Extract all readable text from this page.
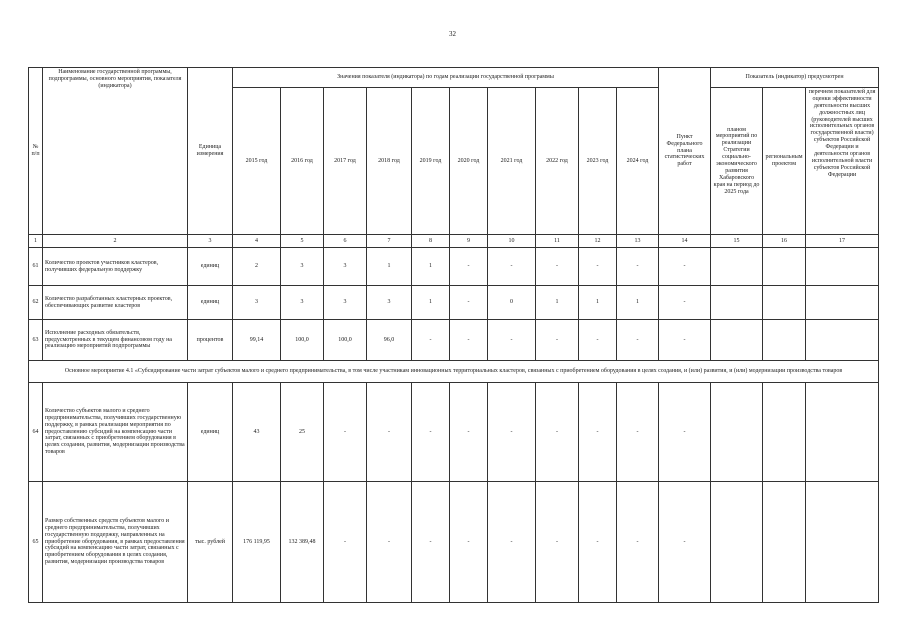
32
№ п/п	Наименование государственной программы, подпрограммы, основного мероприятия, показателя (индикатора)	Единица измерения	Значения показателя (индикатора) по годам реализации государственной программы										Пункт Федерального плана статистических работ	Показатель (индикатор) предусмотрен		
			2015 год	2016 год	2017 год	2018 год	2019 год	2020 год	2021 год	2022 год	2023 год	2024 год		планом мероприятий по реализации Стратегии социально-экономического развития Хабаровского края на период до 2025 года	региональным проектом	перечнем показателей для оценки эффективности деятельности высших должностных лиц (руководителей высших исполнительных органов государственной власти) субъектов Российской Федерации и деятельности органов исполнительной власти субъектов Российской Федерации
1	2	3	4	5	6	7	8	9	10	11	12	13	14	15	16	17
61	Количество проектов участников кластеров, получивших федеральную поддержку	единиц	2	3	3	1	1	-	-	-	-	-	-			
62	Количество разработанных кластерных проектов, обеспечивающих развитие кластеров	единиц	3	3	3	3	1	-	0	1	1	1	-			
63	Исполнение расходных обязательств, предусмотренных в текущем финансовом году на реализацию мероприятий подпрограммы	процентов	99,14	100,0	100,0	96,0	-	-	-	-	-	-	-			
Основное мероприятие 4.1 «Субсидирование части затрат субъектов малого и среднего предпринимательства, в том числе участникам инновационных территориальных кластеров, связанных с приобретением оборудования в целях создания, и (или) развития, и (или) модернизации производства товаров																
64	Количество субъектов малого и среднего предпринимательства, получивших государственную поддержку, в рамках реализации мероприятия по предоставлению субсидий на компенсацию части затрат, связанных с приобретением оборудования в целях создания, развития, модернизации производства товаров	единиц	43	25	-	-	-	-	-	-	-	-	-			
65	Размер собственных средств субъектов малого и среднего предпринимательства, получивших государственную поддержку, направленных на приобретение оборудования, в рамках предоставления субсидий на компенсацию части затрат, связанных с приобретением оборудования в целях создания, развития, модернизации производства товаров	тыс. рублей	176 119,95	132 389,48	-	-	-	-	-	-	-	-	-			
